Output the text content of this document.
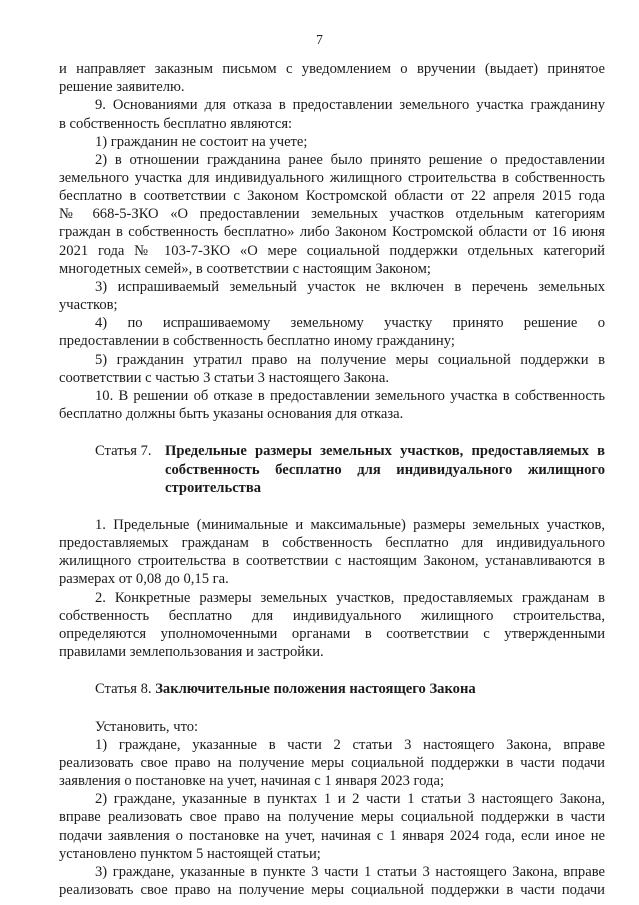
7
и направляет заказным письмом с уведомлением о вручении (выдает) принятое
решение заявителю.
9. Основаниями для отказа в предоставлении земельного участка гражданину
в собственность бесплатно являются:
1) гражданин не состоит на учете;
2) в отношении гражданина ранее было принято решение о предоставлении
земельного участка для индивидуального жилищного строительства в собственность
бесплатно в соответствии с Законом Костромской области от 22 апреля 2015 года
№ 668-5-ЗКО «О предоставлении земельных участков отдельным категориям
граждан в собственность бесплатно» либо Законом Костромской области от 16 июня
2021 года № 103-7-ЗКО «О мере социальной поддержки отдельных категорий
многодетных семей», в соответствии с настоящим Законом;
3) испрашиваемый земельный участок не включен в перечень земельных
участков;
4) по испрашиваемому земельному участку принято решение о
предоставлении в собственность бесплатно иному гражданину;
5) гражданин утратил право на получение меры социальной поддержки в
соответствии с частью 3 статьи 3 настоящего Закона.
10. В решении об отказе в предоставлении земельного участка в собственность
бесплатно должны быть указаны основания для отказа.
Статья 7. Предельные размеры земельных участков, предоставляемых в
собственность бесплатно для индивидуального жилищного
строительства
1. Предельные (минимальные и максимальные) размеры земельных участков,
предоставляемых гражданам в собственность бесплатно для индивидуального
жилищного строительства в соответствии с настоящим Законом, устанавливаются в
размерах от 0,08 до 0,15 га.
2. Конкретные размеры земельных участков, предоставляемых гражданам в
собственность бесплатно для индивидуального жилищного строительства,
определяются уполномоченными органами в соответствии с утвержденными
правилами землепользования и застройки.
Статья 8. Заключительные положения настоящего Закона
Установить, что:
1) граждане, указанные в части 2 статьи 3 настоящего Закона, вправе
реализовать свое право на получение меры социальной поддержки в части подачи
заявления о постановке на учет, начиная с 1 января 2023 года;
2) граждане, указанные в пунктах 1 и 2 части 1 статьи 3 настоящего Закона,
вправе реализовать свое право на получение меры социальной поддержки в части
подачи заявления о постановке на учет, начиная с 1 января 2024 года, если иное не
установлено пунктом 5 настоящей статьи;
3) граждане, указанные в пункте 3 части 1 статьи 3 настоящего Закона, вправе
реализовать свое право на получение меры социальной поддержки в части подачи
